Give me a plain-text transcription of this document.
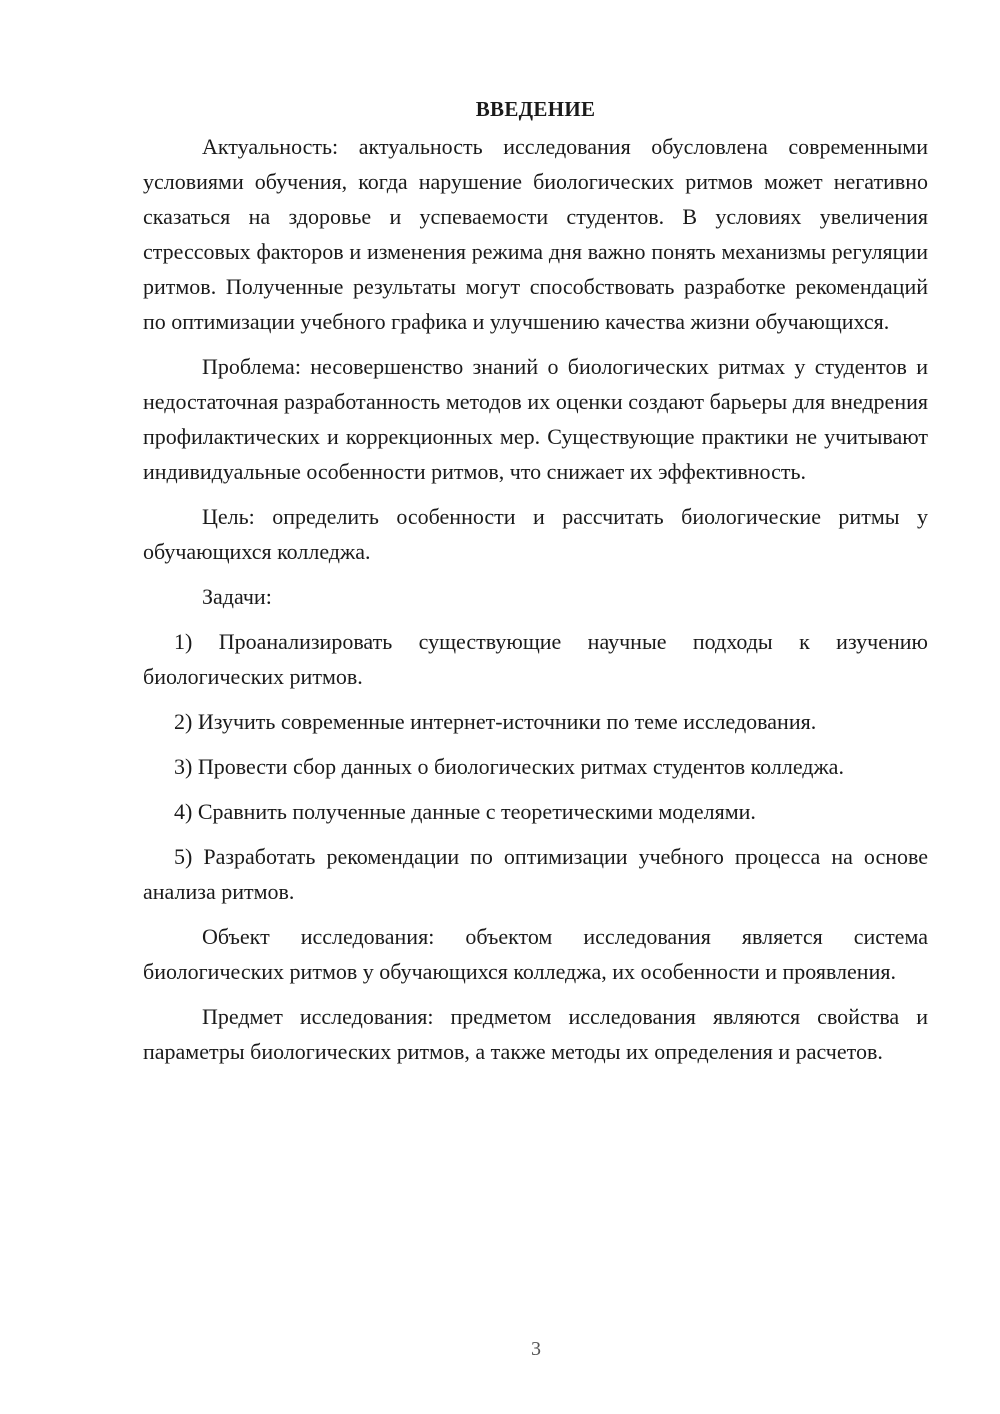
ВВЕДЕНИЕ

Актуальность: актуальность исследования обусловлена современными условиями обучения, когда нарушение биологических ритмов может негативно сказаться на здоровье и успеваемости студентов. В условиях увеличения стрессовых факторов и изменения режима дня важно понять механизмы регуляции ритмов. Полученные результаты могут способствовать разработке рекомендаций по оптимизации учебного графика и улучшению качества жизни обучающихся.

Проблема: несовершенство знаний о биологических ритмах у студентов и недостаточная разработанность методов их оценки создают барьеры для внедрения профилактических и коррекционных мер. Существующие практики не учитывают индивидуальные особенности ритмов, что снижает их эффективность.

Цель: определить особенности и рассчитать биологические ритмы у обучающихся колледжа.

Задачи:

1) Проанализировать существующие научные подходы к изучению биологических ритмов.

2) Изучить современные интернет-источники по теме исследования.

3) Провести сбор данных о биологических ритмах студентов колледжа.

4) Сравнить полученные данные с теоретическими моделями.

5) Разработать рекомендации по оптимизации учебного процесса на основе анализа ритмов.

Объект исследования: объектом исследования является система биологических ритмов у обучающихся колледжа, их особенности и проявления.

Предмет исследования: предметом исследования являются свойства и параметры биологических ритмов, а также методы их определения и расчетов.

3
